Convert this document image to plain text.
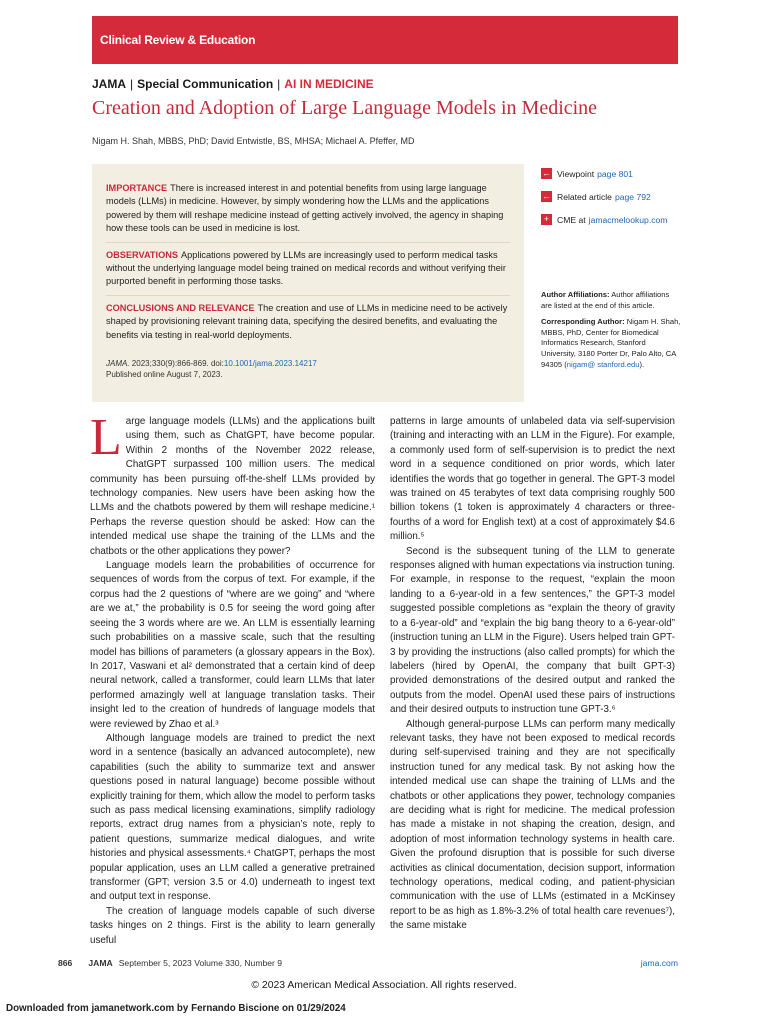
Clinical Review & Education
JAMA | Special Communication | AI IN MEDICINE
Creation and Adoption of Large Language Models in Medicine
Nigam H. Shah, MBBS, PhD; David Entwistle, BS, MHSA; Michael A. Pfeffer, MD

IMPORTANCE There is increased interest in and potential benefits from using large language models (LLMs) in medicine. However, by simply wondering how the LLMs and the applications powered by them will reshape medicine instead of getting actively involved, the agency in shaping how these tools can be used in medicine is lost.

OBSERVATIONS Applications powered by LLMs are increasingly used to perform medical tasks without the underlying language model being trained on medical records and without verifying their purported benefit in performing those tasks.

CONCLUSIONS AND RELEVANCE The creation and use of LLMs in medicine need to be actively shaped by provisioning relevant training data, specifying the desired benefits, and evaluating the benefits via testing in real-world deployments.

JAMA. 2023;330(9):866-869. doi:10.1001/jama.2023.14217
Published online August 7, 2023.

← Viewpoint page 801
← Related article page 792
+ CME at jamacmelookup.com

Author Affiliations: Author affiliations are listed at the end of this article.

Corresponding Author: Nigam H. Shah, MBBS, PhD, Center for Biomedical Informatics Research, Stanford University, 3180 Porter Dr, Palo Alto, CA 94305 (nigam@ stanford.edu).

Large language models (LLMs) and the applications built using them, such as ChatGPT, have become popular. Within 2 months of the November 2022 release, ChatGPT surpassed 100 million users. The medical community has been pursuing off-the-shelf LLMs provided by technology companies. New users have been asking how the LLMs and the chatbots powered by them will reshape medicine.¹ Perhaps the reverse question should be asked: How can the intended medical use shape the training of the LLMs and the chatbots or the other applications they power?

Language models learn the probabilities of occurrence for sequences of words from the corpus of text. For example, if the corpus had the 2 questions of “where are we going” and “where are we at,” the probability is 0.5 for seeing the word going after seeing the 3 words where are we. An LLM is essentially learning such probabilities on a massive scale, such that the resulting model has billions of parameters (a glossary appears in the Box). In 2017, Vaswani et al² demonstrated that a certain kind of deep neural network, called a transformer, could learn LLMs that later performed amazingly well at language translation tasks. Their insight led to the creation of hundreds of language models that were reviewed by Zhao et al.³

Although language models are trained to predict the next word in a sentence (basically an advanced autocomplete), new capabilities (such the ability to summarize text and answer questions posed in natural language) become possible without explicitly training for them, which allow the model to perform tasks such as pass medical licensing examinations, simplify radiology reports, extract drug names from a physician’s note, reply to patient questions, summarize medical dialogues, and write histories and physical assessments.⁴ ChatGPT, perhaps the most popular application, uses an LLM called a generative pretrained transformer (GPT; version 3.5 or 4.0) underneath to ingest text and output text in response.

The creation of language models capable of such diverse tasks hinges on 2 things. First is the ability to learn generally useful

patterns in large amounts of unlabeled data via self-supervision (training and interacting with an LLM in the Figure). For example, a commonly used form of self-supervision is to predict the next word in a sequence conditioned on prior words, which later identifies the words that go together in general. The GPT-3 model was trained on 45 terabytes of text data comprising roughly 500 billion tokens (1 token is approximately 4 characters or three-fourths of a word for English text) at a cost of approximately $4.6 million.⁵

Second is the subsequent tuning of the LLM to generate responses aligned with human expectations via instruction tuning. For example, in response to the request, “explain the moon landing to a 6-year-old in a few sentences,” the GPT-3 model suggested possible completions as “explain the theory of gravity to a 6-year-old” and “explain the big bang theory to a 6-year-old” (instruction tuning an LLM in the Figure). Users helped train GPT-3 by providing the instructions (also called prompts) for which the labelers (hired by OpenAI, the company that built GPT-3) provided demonstrations of the desired output and ranked the outputs from the model. OpenAI used these pairs of instructions and their desired outputs to instruction tune GPT-3.⁶

Although general-purpose LLMs can perform many medically relevant tasks, they have not been exposed to medical records during self-supervised training and they are not specifically instruction tuned for any medical task. By not asking how the intended medical use can shape the training of LLMs and the chatbots or other applications they power, technology companies are deciding what is right for medicine. The medical profession has made a mistake in not shaping the creation, design, and adoption of most information technology systems in health care. Given the profound disruption that is possible for such diverse activities as clinical documentation, decision support, information technology operations, medical coding, and patient-physician communication with the use of LLMs (estimated in a McKinsey report to be as high as 1.8%-3.2% of total health care revenues⁷), the same mistake

866 JAMA September 5, 2023 Volume 330, Number 9	jama.com
© 2023 American Medical Association. All rights reserved.
Downloaded from jamanetwork.com by Fernando Biscione on 01/29/2024
